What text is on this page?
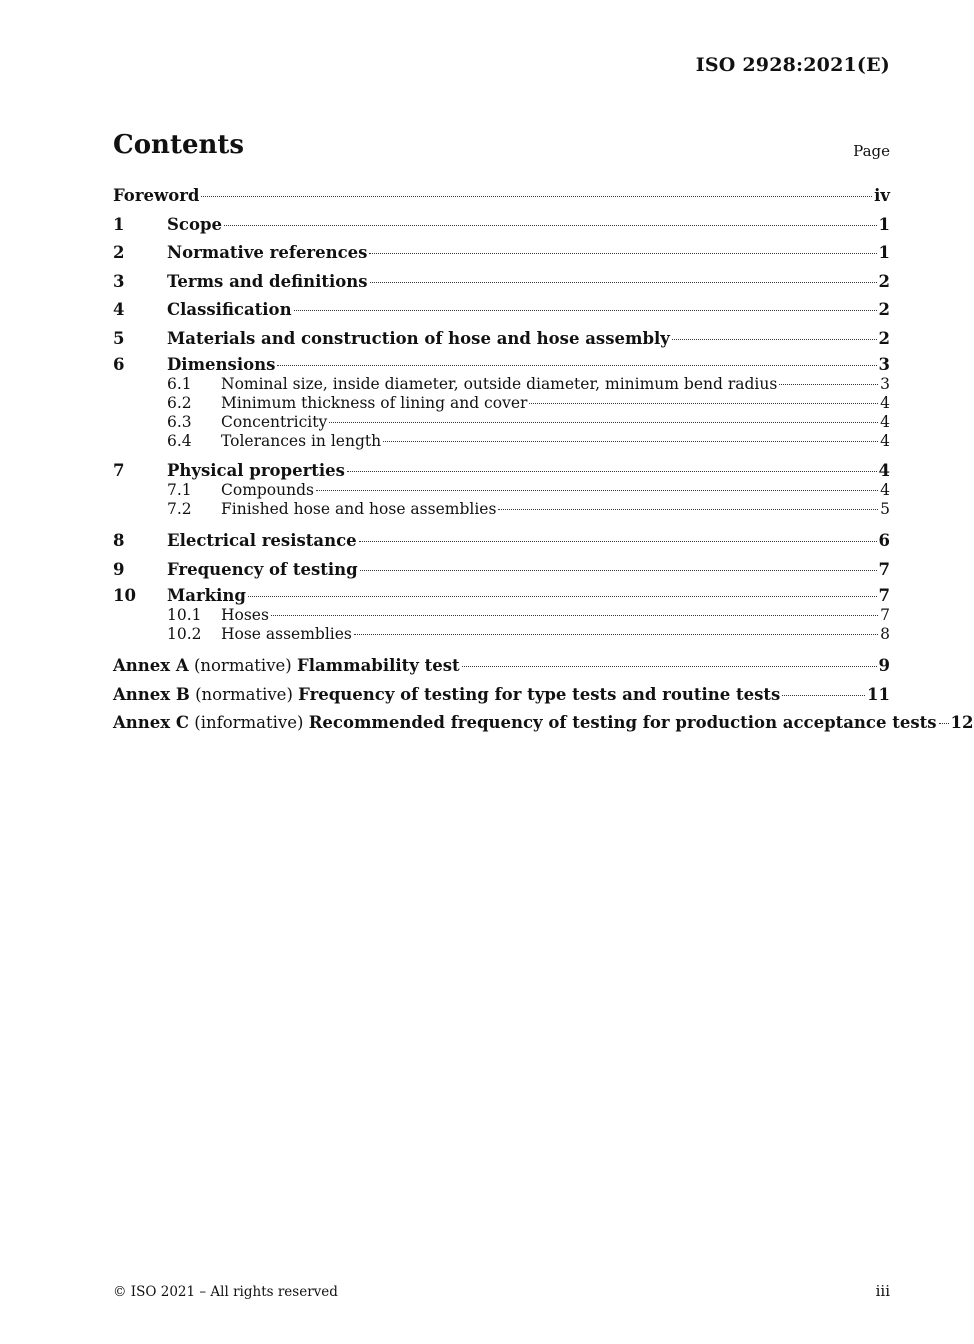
ISO 2928:2021(E)
Contents	Page
Foreword	iv
1	Scope	1
2	Normative references	1
3	Terms and definitions	2
4	Classification	2
5	Materials and construction of hose and hose assembly	2
6	Dimensions	3
6.1	Nominal size, inside diameter, outside diameter, minimum bend radius	3
6.2	Minimum thickness of lining and cover	4
6.3	Concentricity	4
6.4	Tolerances in length	4
7	Physical properties	4
7.1	Compounds	4
7.2	Finished hose and hose assemblies	5
8	Electrical resistance	6
9	Frequency of testing	7
10	Marking	7
10.1	Hoses	7
10.2	Hose assemblies	8
Annex A (normative) Flammability test	9
Annex B (normative) Frequency of testing for type tests and routine tests	11
Annex C (informative) Recommended frequency of testing for production acceptance tests 12
© ISO 2021 – All rights reserved	iii
